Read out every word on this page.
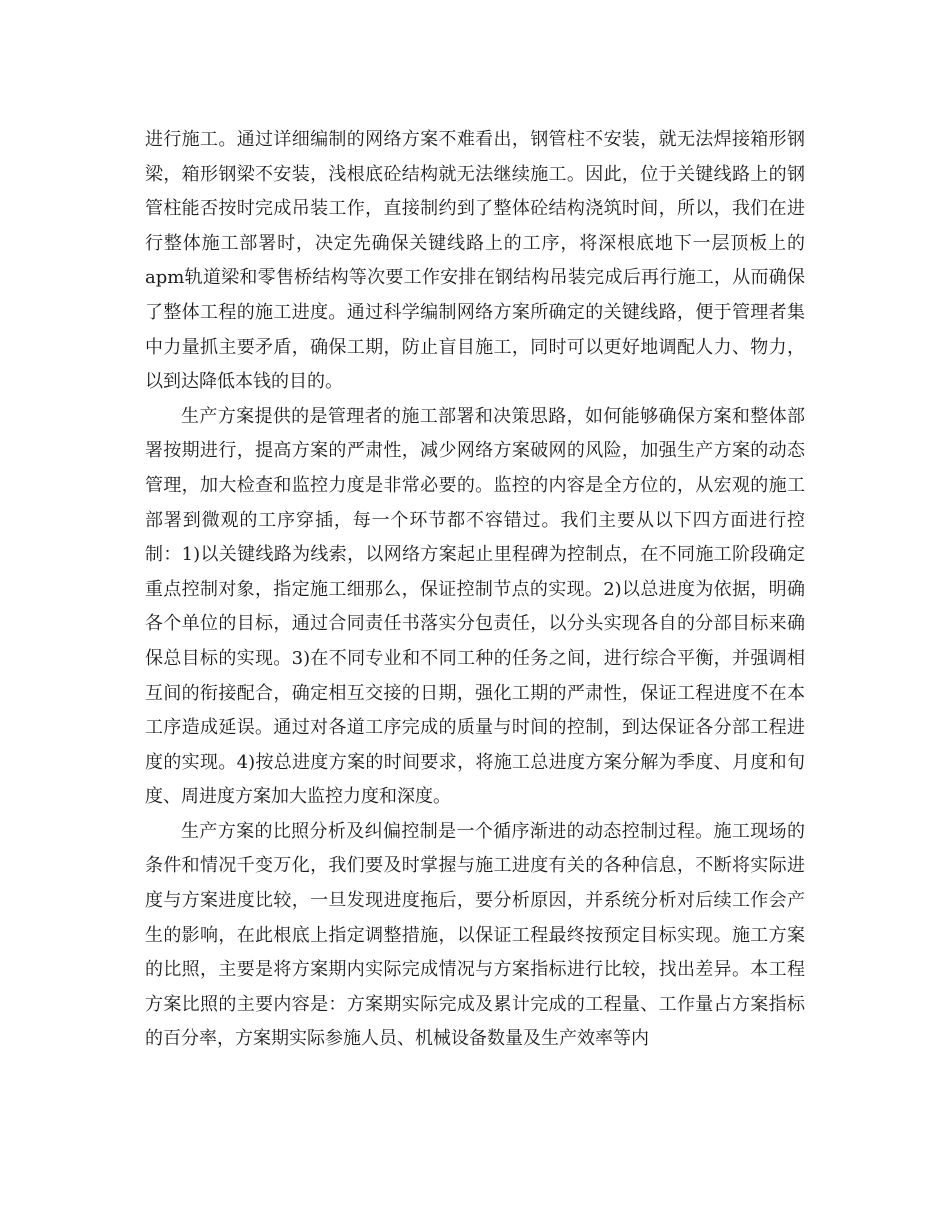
进行施工。通过详细编制的网络方案不难看出，钢管柱不安装，就无法焊接箱形钢梁，箱形钢梁不安装，浅根底砼结构就无法继续施工。因此，位于关键线路上的钢管柱能否按时完成吊装工作，直接制约到了整体砼结构浇筑时间，所以，我们在进行整体施工部署时，决定先确保关键线路上的工序，将深根底地下一层顶板上的apm轨道梁和零售桥结构等次要工作安排在钢结构吊装完成后再行施工，从而确保了整体工程的施工进度。通过科学编制网络方案所确定的关键线路，便于管理者集中力量抓主要矛盾，确保工期，防止盲目施工，同时可以更好地调配人力、物力，以到达降低本钱的目的。

生产方案提供的是管理者的施工部署和决策思路，如何能够确保方案和整体部署按期进行，提高方案的严肃性，减少网络方案破网的风险，加强生产方案的动态管理，加大检查和监控力度是非常必要的。监控的内容是全方位的，从宏观的施工部署到微观的工序穿插，每一个环节都不容错过。我们主要从以下四方面进行控制：1)以关键线路为线索，以网络方案起止里程碑为控制点，在不同施工阶段确定重点控制对象，指定施工细那么，保证控制节点的实现。2)以总进度为依据，明确各个单位的目标，通过合同责任书落实分包责任，以分头实现各自的分部目标来确保总目标的实现。3)在不同专业和不同工种的任务之间，进行综合平衡，并强调相互间的衔接配合，确定相互交接的日期，强化工期的严肃性，保证工程进度不在本工序造成延误。通过对各道工序完成的质量与时间的控制，到达保证各分部工程进度的实现。4)按总进度方案的时间要求，将施工总进度方案分解为季度、月度和旬度、周进度方案加大监控力度和深度。

生产方案的比照分析及纠偏控制是一个循序渐进的动态控制过程。施工现场的条件和情况千变万化，我们要及时掌握与施工进度有关的各种信息，不断将实际进度与方案进度比较，一旦发现进度拖后，要分析原因，并系统分析对后续工作会产生的影响，在此根底上指定调整措施，以保证工程最终按预定目标实现。施工方案的比照，主要是将方案期内实际完成情况与方案指标进行比较，找出差异。本工程方案比照的主要内容是：方案期实际完成及累计完成的工程量、工作量占方案指标的百分率，方案期实际参施人员、机械设备数量及生产效率等内
